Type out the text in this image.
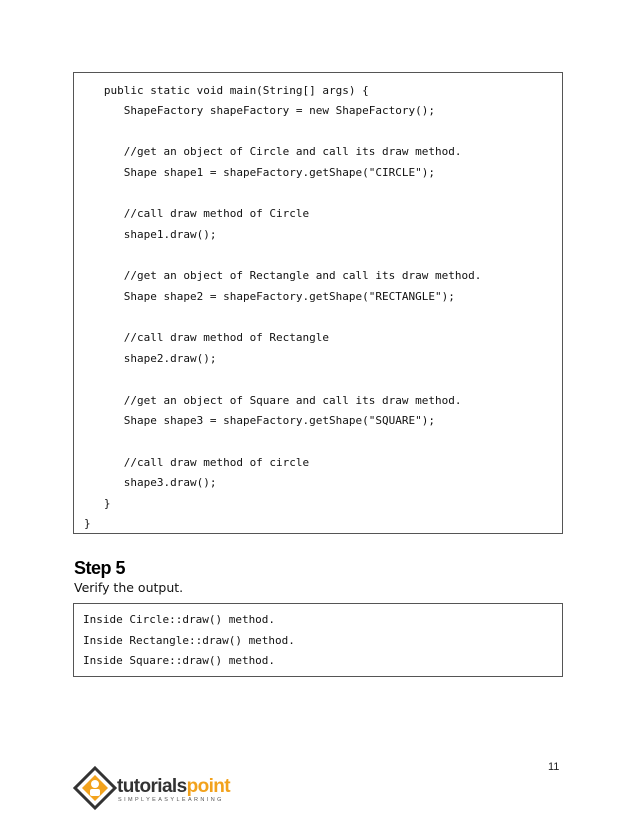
public static void main(String[] args) {
ShapeFactory shapeFactory = new ShapeFactory();
//get an object of Circle and call its draw method.
Shape shape1 = shapeFactory.getShape("CIRCLE");
//call draw method of Circle
shape1.draw();
//get an object of Rectangle and call its draw method.
Shape shape2 = shapeFactory.getShape("RECTANGLE");
//call draw method of Rectangle
shape2.draw();
//get an object of Square and call its draw method.
Shape shape3 = shapeFactory.getShape("SQUARE");
//call draw method of circle
shape3.draw();
}
}
Step 5
Verify the output.
Inside Circle::draw() method.
Inside Rectangle::draw() method.
Inside Square::draw() method.
11
tutorialspoint
SIMPLYEASYLEARNING
